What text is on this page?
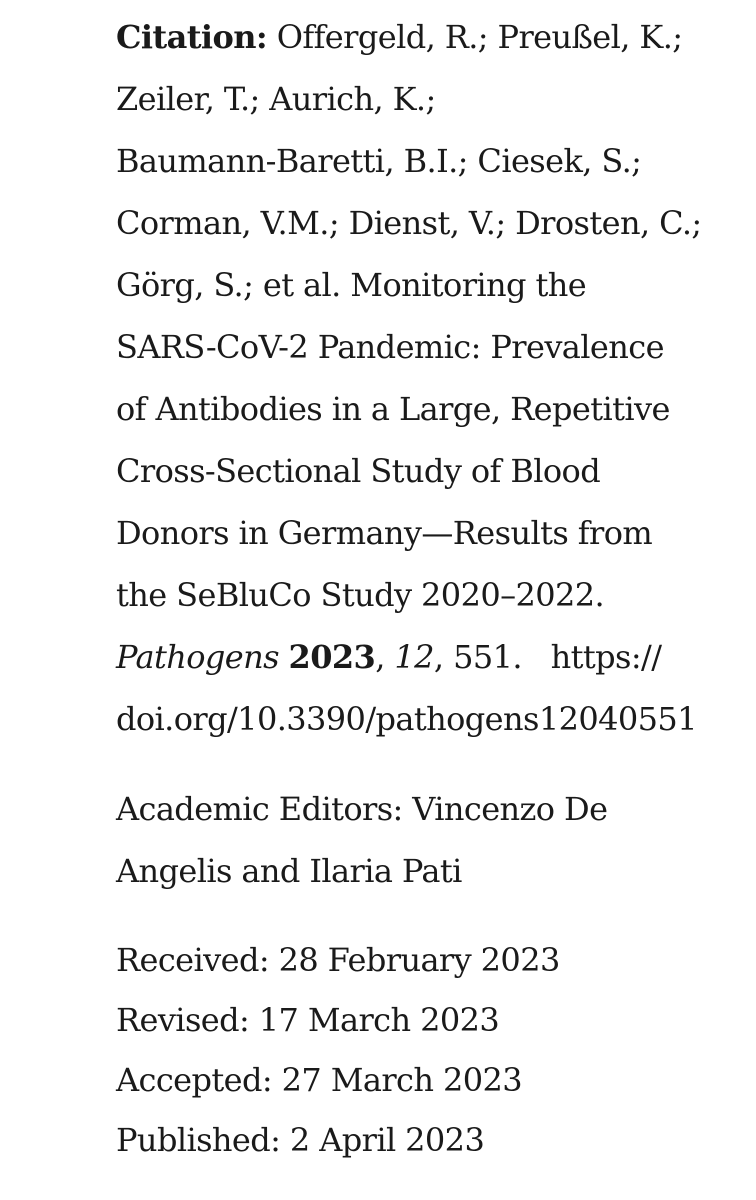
Citation: Offergeld, R.; Preußel, K.;
Zeiler, T.; Aurich, K.;
Baumann-Baretti, B.I.; Ciesek, S.;
Corman, V.M.; Dienst, V.; Drosten, C.;
Görg, S.; et al. Monitoring the
SARS-CoV-2 Pandemic: Prevalence
of Antibodies in a Large, Repetitive
Cross-Sectional Study of Blood
Donors in Germany—Results from
the SeBluCo Study 2020–2022.
Pathogens 2023, 12, 551. https://
doi.org/10.3390/pathogens12040551
Academic Editors: Vincenzo De
Angelis and Ilaria Pati
Received: 28 February 2023
Revised: 17 March 2023
Accepted: 27 March 2023
Published: 2 April 2023
